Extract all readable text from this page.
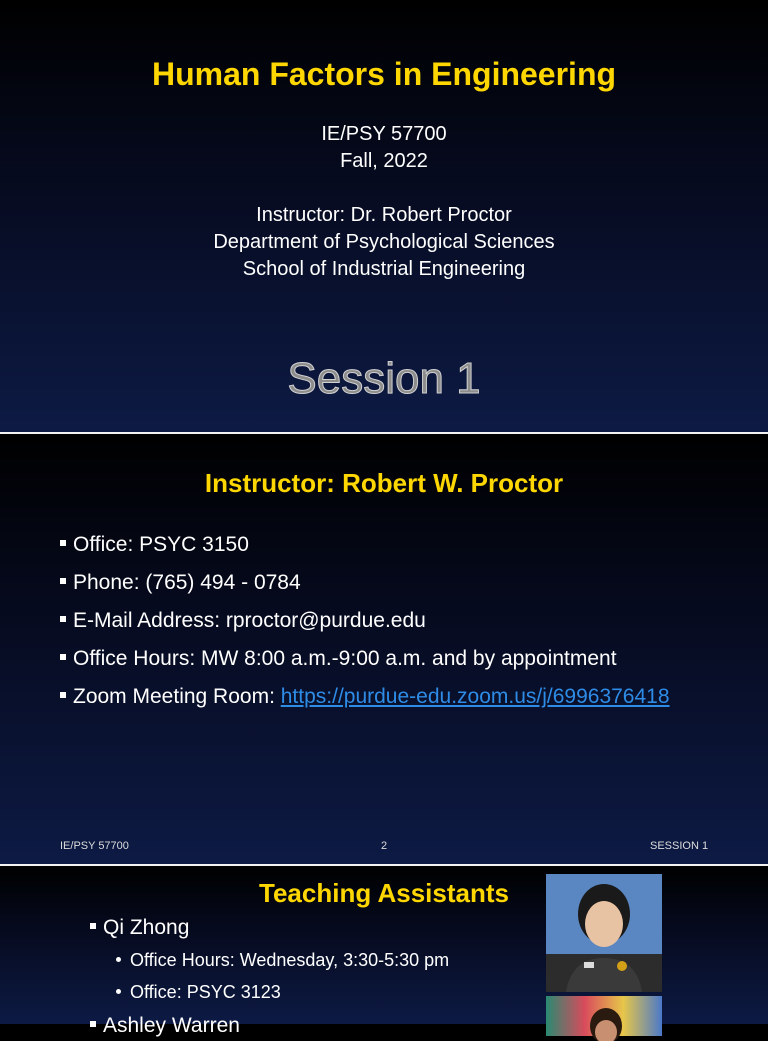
Human Factors in Engineering
IE/PSY 57700
Fall, 2022
Instructor: Dr. Robert Proctor
Department of Psychological Sciences
School of Industrial Engineering
Session 1
Instructor: Robert W. Proctor
Office: PSYC 3150
Phone: (765) 494 - 0784
E-Mail Address: rproctor@purdue.edu
Office Hours: MW 8:00 a.m.-9:00 a.m. and by appointment
Zoom Meeting Room: https://purdue-edu.zoom.us/j/6996376418
IE/PSY 57700	2	SESSION 1
Teaching Assistants
Qi Zhong
Office Hours: Wednesday, 3:30-5:30 pm
Office: PSYC 3123
Ashley Warren
